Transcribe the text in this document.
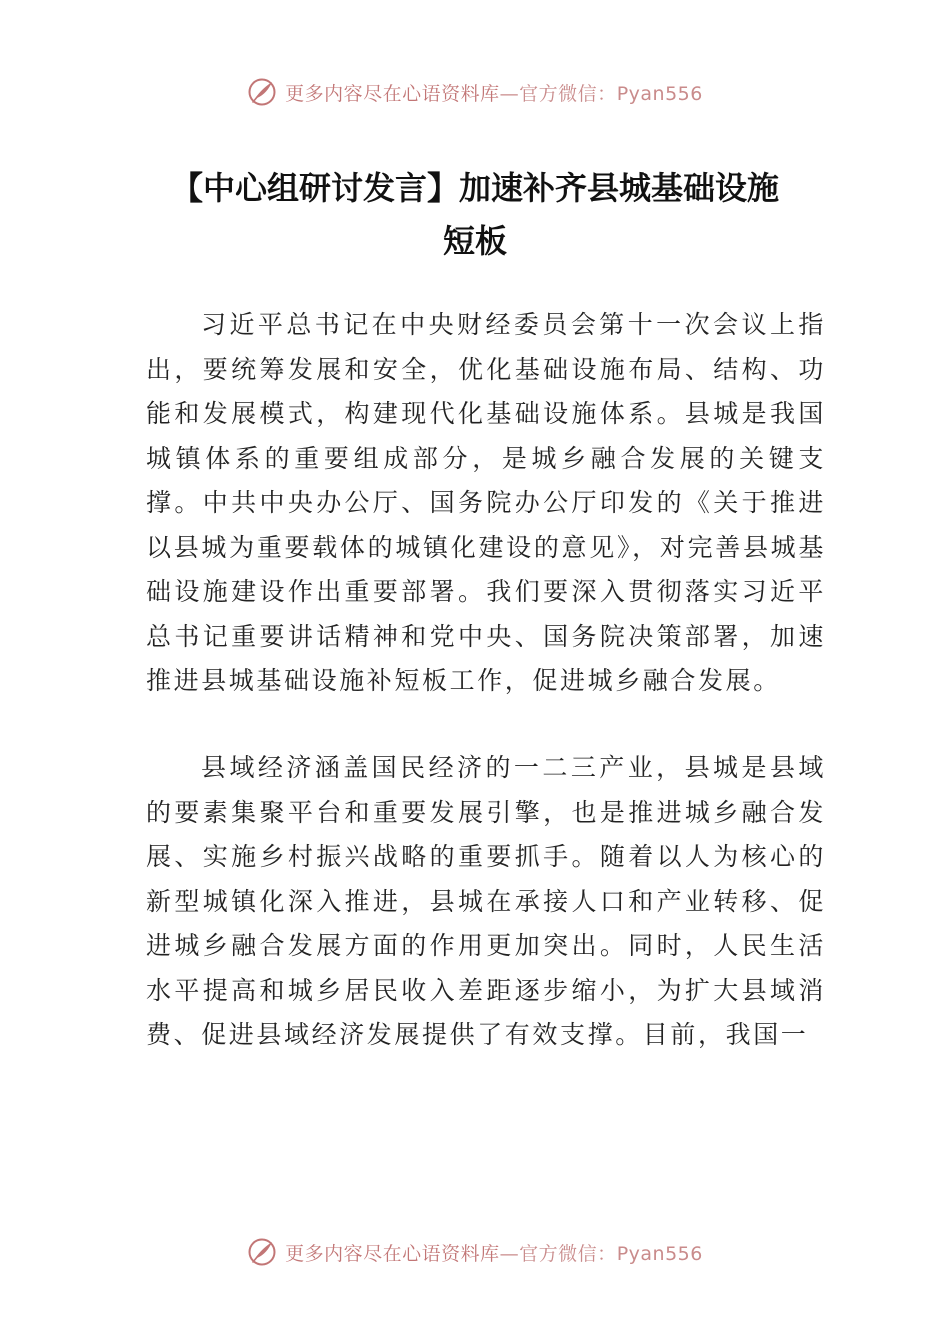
更多内容尽在心语资料库—官方微信：Pyan556
【中心组研讨发言】加速补齐县城基础设施
短板

习近平总书记在中央财经委员会第十一次会议上指出，要统筹发展和安全，优化基础设施布局、结构、功能和发展模式，构建现代化基础设施体系。县城是我国城镇体系的重要组成部分，是城乡融合发展的关键支撑。中共中央办公厅、国务院办公厅印发的《关于推进以县城为重要载体的城镇化建设的意见》，对完善县城基础设施建设作出重要部署。我们要深入贯彻落实习近平总书记重要讲话精神和党中央、国务院决策部署，加速推进县城基础设施补短板工作，促进城乡融合发展。

县域经济涵盖国民经济的一二三产业，县城是县域的要素集聚平台和重要发展引擎，也是推进城乡融合发展、实施乡村振兴战略的重要抓手。随着以人为核心的新型城镇化深入推进，县城在承接人口和产业转移、促进城乡融合发展方面的作用更加突出。同时，人民生活水平提高和城乡居民收入差距逐步缩小，为扩大县域消费、促进县域经济发展提供了有效支撑。目前，我国一

更多内容尽在心语资料库—官方微信：Pyan556
